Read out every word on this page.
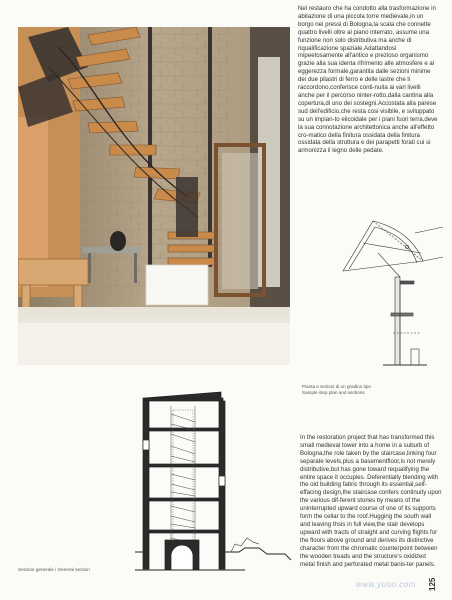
Nel restauro che ha condotto alla trasformazione in abitazione di una piccola torre medievale,in un borgo nei pressi di Bologna,la scala che connette quattro livelli oltre al piano interrato, assume una funzione non solo distributiva ma anche di riqualificazione spaziale.Adattandosi mipeetosamente all'antico e prezioso organismo grazie alla sua identa rifrimento alle atmosfere e al eggerezza formale,garantita dalle sezioni minime dei due pilastri di ferro e delle lastre che li raccordono,conferisce conti-nuita ai vari livelli anche per il percorso ninter-rotto,dalla cantina alla copertura,di uno dei sostegni.Accostata alla parese sud dell'edificio,che resta cosi visibile, e sviluppato su un impian-to elicoidale per i piani fuori terra,deve la sua connotazione architettonica anche all'effetto cro-matico della finitura ossidata della finitura ossidata della struttura e dei parapetti forati cui si armonizza il legno delle pedate.
Pianta e sezioni di un gradino tipo
Sample step plan and sections
Sezione generale / General section
In the restoration project that has transformed this small medieval tower into a home in a suburb of Bologna,the role taken by the staircase,linking four separate levels,plus a basementfloor,is not merely distributive,but has gone toward requalifying the entire space it occupies. Deferentially blending with the old building fabric through its essential,self-effacing design,the staircase confers continuity upon the various dif-ferent stories by means of the uninterrupted upward course of one of its supports form the cellar to the roof.Hugging the south wall and leaving thsis in full view,the stair develops upward with tracts of straight and curving flights for the floors above ground and derives its distinctive character from the chromatic counterpoint between the wooden treads and the structure's oxidized metal finish and perforated metal banis-ter panels.
www.yuoo.com 125
